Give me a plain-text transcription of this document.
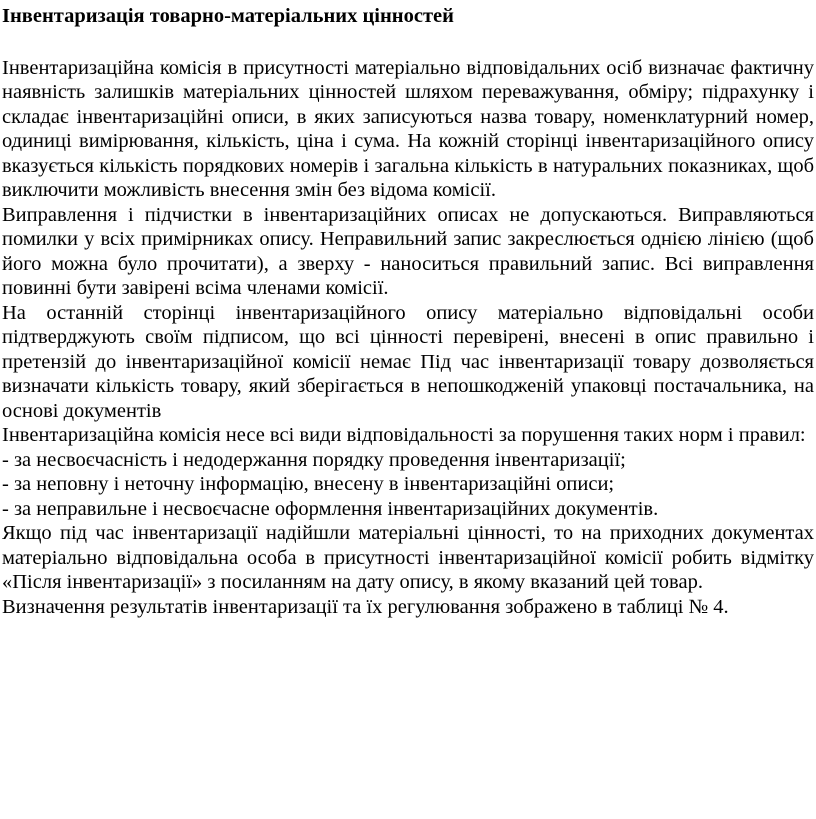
Інвентаризація товарно-матеріальних цінностей

Інвентаризаційна комісія в присутності матеріально відповідальних осіб визначає фактичну наявність залишків матеріальних цінностей шляхом переважування, обміру; підрахунку і складає інвентаризаційні описи, в яких записуються назва товару, номенклатурний номер, одиниці вимірювання, кількість, ціна і сума. На кожній сторінці інвентаризаційного опису вказується кількість порядкових номерів і загальна кількість в натуральних показниках, щоб виключити можливість внесення змін без відома комісії.

Виправлення і підчистки в інвентаризаційних описах не допускаються. Виправляються помилки у всіх примірниках опису. Неправильний запис закреслюється однією лінією (щоб його можна було прочитати), а зверху - наноситься правильний запис. Всі виправлення повинні бути завірені всіма членами комісії.

На останній сторінці інвентаризаційного опису матеріально відповідальні особи підтверджують своїм підписом, що всі цінності перевірені, внесені в опис правильно і претензій до інвентаризаційної комісії немає Під час інвентаризації товару дозволяється визначати кількість товару, який зберігається в непошкодженій упаковці постачальника, на основі документів

Інвентаризаційна комісія несе всі види відповідальності за порушення таких норм і правил:

- за несвоєчасність і недодержання порядку проведення інвентаризації;

- за неповну і неточну інформацію, внесену в інвентаризаційні описи;

- за неправильне і несвоєчасне оформлення інвентаризаційних документів.

Якщо під час інвентаризації надійшли матеріальні цінності, то на приходних документах матеріально відповідальна особа в присутності інвентаризаційної комісії робить відмітку «Після інвентаризації» з посиланням на дату опису, в якому вказаний цей товар.

Визначення результатів інвентаризації та їх регулювання зображено в таблиці № 4.
